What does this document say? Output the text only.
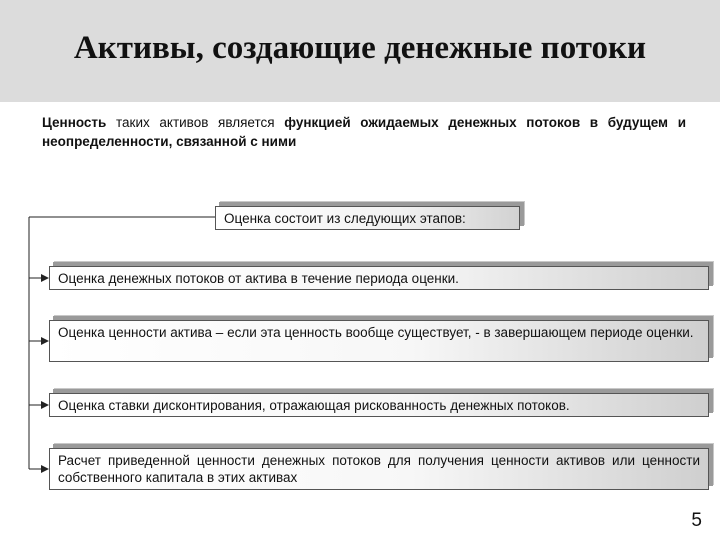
Активы, создающие денежные потоки
Ценность таких активов является функцией ожидаемых денежных потоков в будущем и неопределенности, связанной с ними
Оценка состоит из следующих этапов:
Оценка денежных потоков от актива в течение периода оценки.
Оценка ценности актива – если эта ценность вообще существует, - в завершающем периоде оценки.
Оценка ставки дисконтирования, отражающая рискованность денежных потоков.
Расчет приведенной ценности денежных потоков для получения ценности активов или ценности собственного капитала в этих активах
5
